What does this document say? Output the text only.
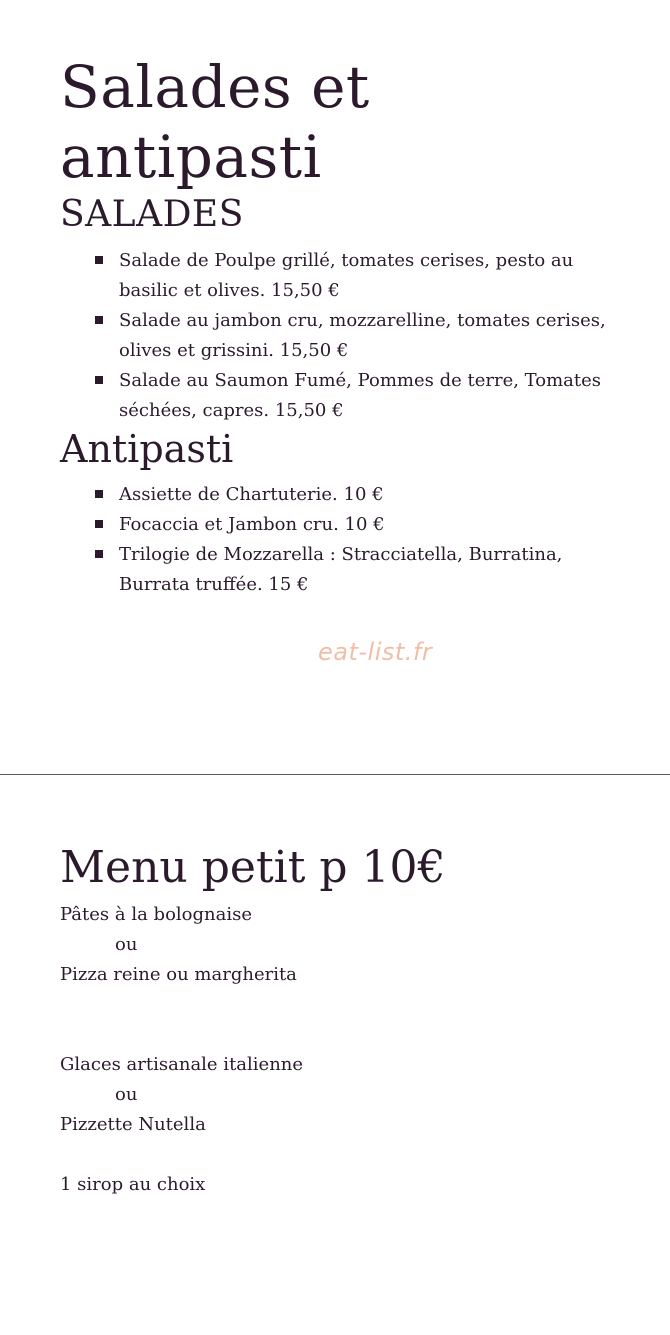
Salades et
antipasti
SALADES
Salade de Poulpe grillé, tomates cerises, pesto au basilic et olives. 15,50 €
Salade au jambon cru, mozzarelline, tomates cerises, olives et grissini. 15,50 €
Salade au Saumon Fumé, Pommes de terre, Tomates séchées, capres. 15,50 €
Antipasti
Assiette de Chartuterie. 10 €
Focaccia et Jambon cru. 10 €
Trilogie de Mozzarella : Stracciatella, Burratina, Burrata truffée. 15 €
eat-list.fr
Menu petit p 10€
Pâtes à la bolognaise
ou
Pizza reine ou margherita
Glaces artisanale italienne
ou
Pizzette Nutella
1 sirop au choix
